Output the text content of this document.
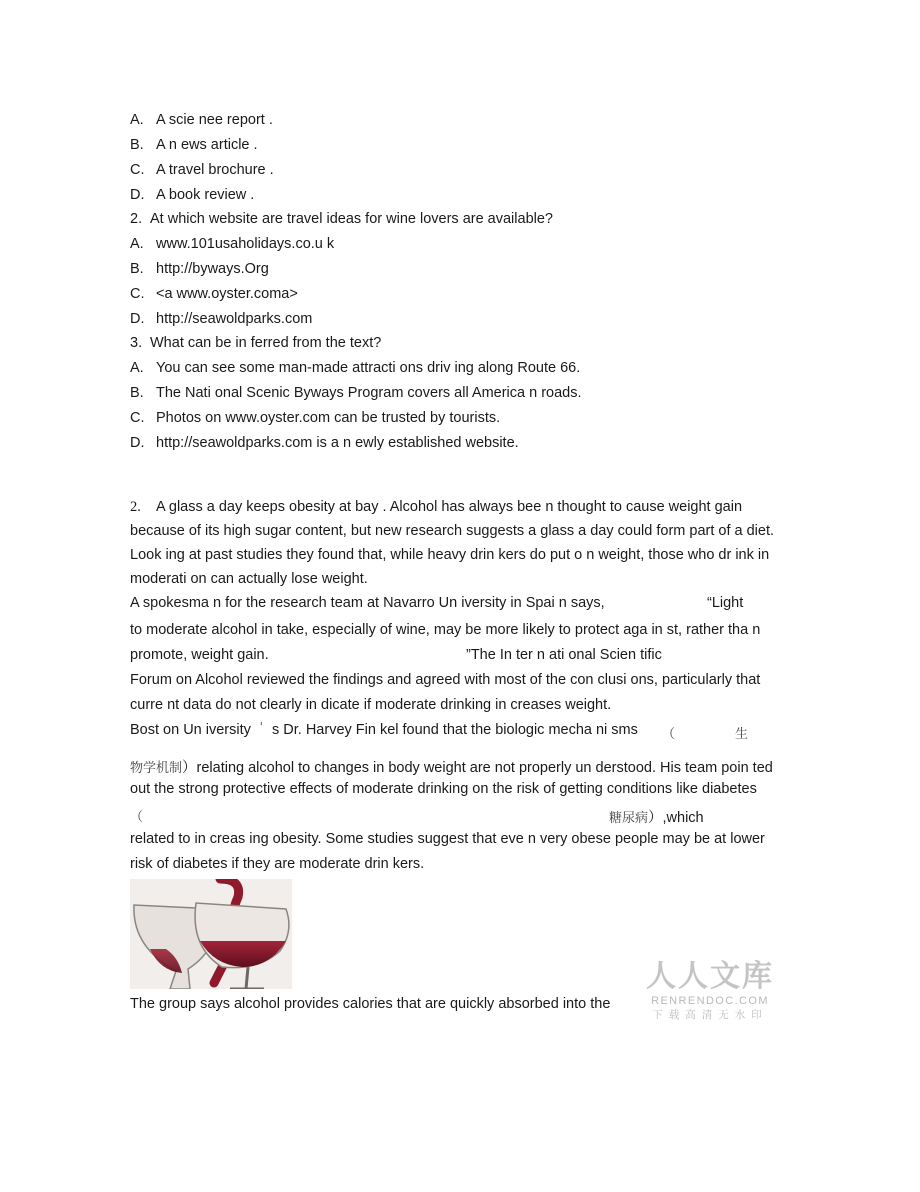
A. A scie nee report .
B. A n ews article .
C. A travel brochure .
D. A book review .
2. At which website are travel ideas for wine lovers are available?
A. www.101usaholidays.co.u k
B. http://byways.Org
C. <a www.oyster.coma>
D. http://seawoldparks.com
3. What can be in ferred from the text?
A. You can see some man-made attracti ons driv ing along Route 66.
B. The Nati onal Scenic Byways Program covers all America n roads.
C. Photos on www.oyster.com can be trusted by tourists.
D. http://seawoldparks.com is a n ewly established website.
2. A glass a day keeps obesity at bay . Alcohol has always bee n thought to cause weight gain
because of its high sugar content, but new research suggests a glass a day could form part of a diet.
Look ing at past studies they found that, while heavy drin kers do put o n weight, those who dr ink in
moderati on can actually lose weight.
A spokesma n for the research team at Navarro Un iversity in Spai n says,	“Light
to moderate alcohol in take, especially of wine, may be more likely to protect aga in st, rather tha n
promote, weight gain.	”The In ter n ati onal Scien tific
Forum on Alcohol reviewed the findings and agreed with most of the con clusi ons, particularly that
curre nt data do not clearly in dicate if moderate drinking in creases weight.
Bost on Un iversity ' s Dr. Harvey Fin kel found that the biologic mecha ni sms （	生
物学机制）relating alcohol to changes in body weight are not properly un derstood. His team poin ted
out the strong protective effects of moderate drinking on the risk of getting conditions like diabetes
（	糖尿病）,which
related to in creas ing obesity. Some studies suggest that eve n very obese people may be at lower
risk of diabetes if they are moderate drin kers.
The group says alcohol provides calories that are quickly absorbed into the
人人文库
RENRENDOC.COM
下载高清无水印
